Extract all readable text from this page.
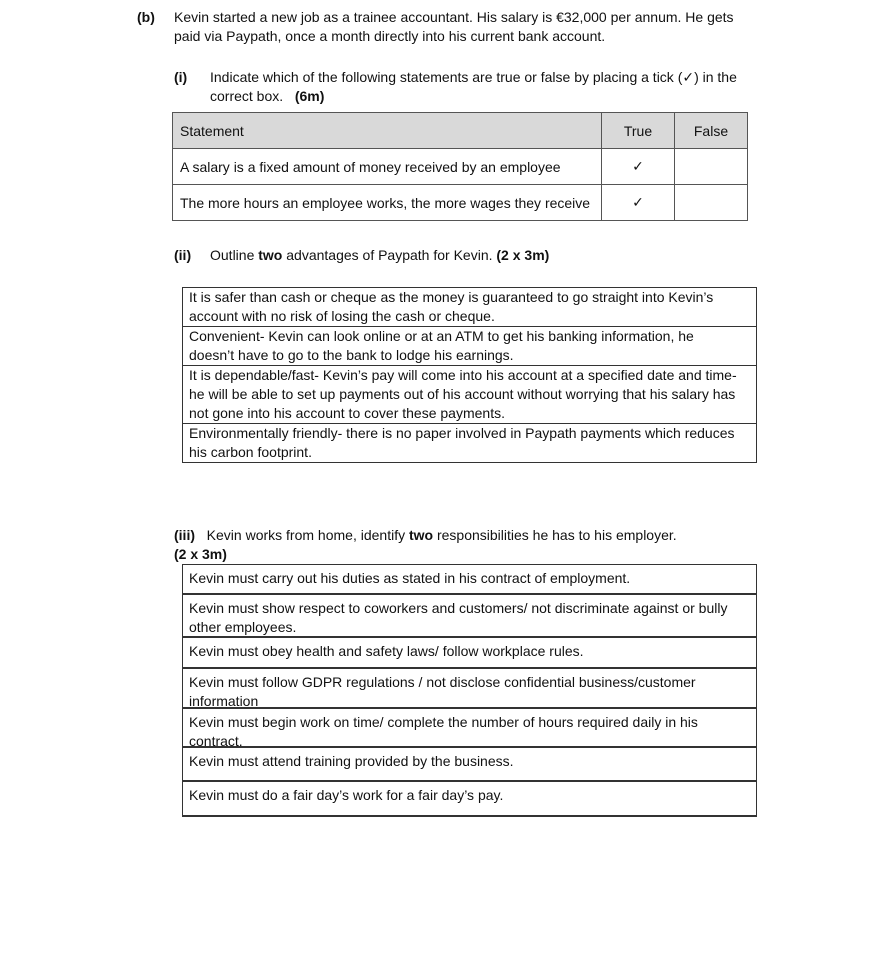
(b) Kevin started a new job as a trainee accountant. His salary is €32,000 per annum. He gets
paid via Paypath, once a month directly into his current bank account.
(i) Indicate which of the following statements are true or false by placing a tick (✓) in the
correct box. (6m)
Statement	True	False
A salary is a fixed amount of money received by an employee	✓	
The more hours an employee works, the more wages they receive	✓	
(ii) Outline two advantages of Paypath for Kevin. (2 x 3m)
It is safer than cash or cheque as the money is guaranteed to go straight into Kevin’s
account with no risk of losing the cash or cheque.
Convenient- Kevin can look online or at an ATM to get his banking information, he
doesn’t have to go to the bank to lodge his earnings.
It is dependable/fast- Kevin’s pay will come into his account at a specified date and time-
he will be able to set up payments out of his account without worrying that his salary has
not gone into his account to cover these payments.
Environmentally friendly- there is no paper involved in Paypath payments which reduces
his carbon footprint.
(iii) Kevin works from home, identify two responsibilities he has to his employer.
(2 x 3m)
Kevin must carry out his duties as stated in his contract of employment.
Kevin must show respect to coworkers and customers/ not discriminate against or bully
other employees.
Kevin must obey health and safety laws/ follow workplace rules.
Kevin must follow GDPR regulations / not disclose confidential business/customer
information
Kevin must begin work on time/ complete the number of hours required daily in his
contract.
Kevin must attend training provided by the business.
Kevin must do a fair day’s work for a fair day’s pay.
